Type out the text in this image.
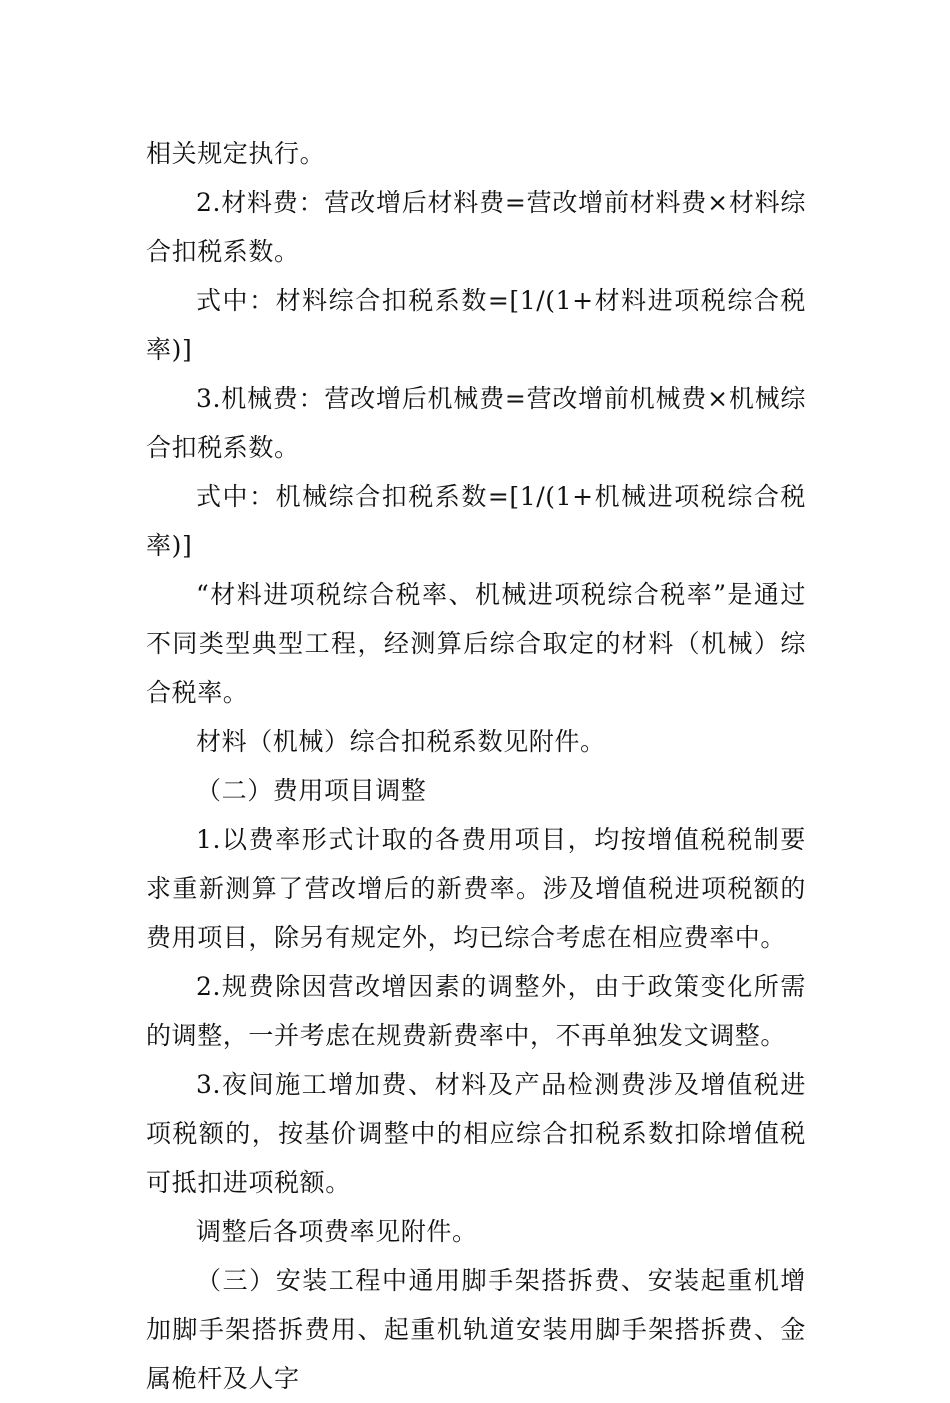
相关规定执行。

2.材料费：营改增后材料费=营改增前材料费×材料综合扣税系数。

式中：材料综合扣税系数=[1/(1+材料进项税综合税率)]

3.机械费：营改增后机械费=营改增前机械费×机械综合扣税系数。

式中：机械综合扣税系数=[1/(1+机械进项税综合税率)]

“材料进项税综合税率、机械进项税综合税率”是通过不同类型典型工程，经测算后综合取定的材料（机械）综合税率。

材料（机械）综合扣税系数见附件。

（二）费用项目调整

1.以费率形式计取的各费用项目，均按增值税税制要求重新测算了营改增后的新费率。涉及增值税进项税额的费用项目，除另有规定外，均已综合考虑在相应费率中。

2.规费除因营改增因素的调整外，由于政策变化所需的调整，一并考虑在规费新费率中，不再单独发文调整。

3.夜间施工增加费、材料及产品检测费涉及增值税进项税额的，按基价调整中的相应综合扣税系数扣除增值税可抵扣进项税额。

调整后各项费率见附件。

（三）安装工程中通用脚手架搭拆费、安装起重机增加脚手架搭拆费用、起重机轨道安装用脚手架搭拆费、金属桅杆及人字
